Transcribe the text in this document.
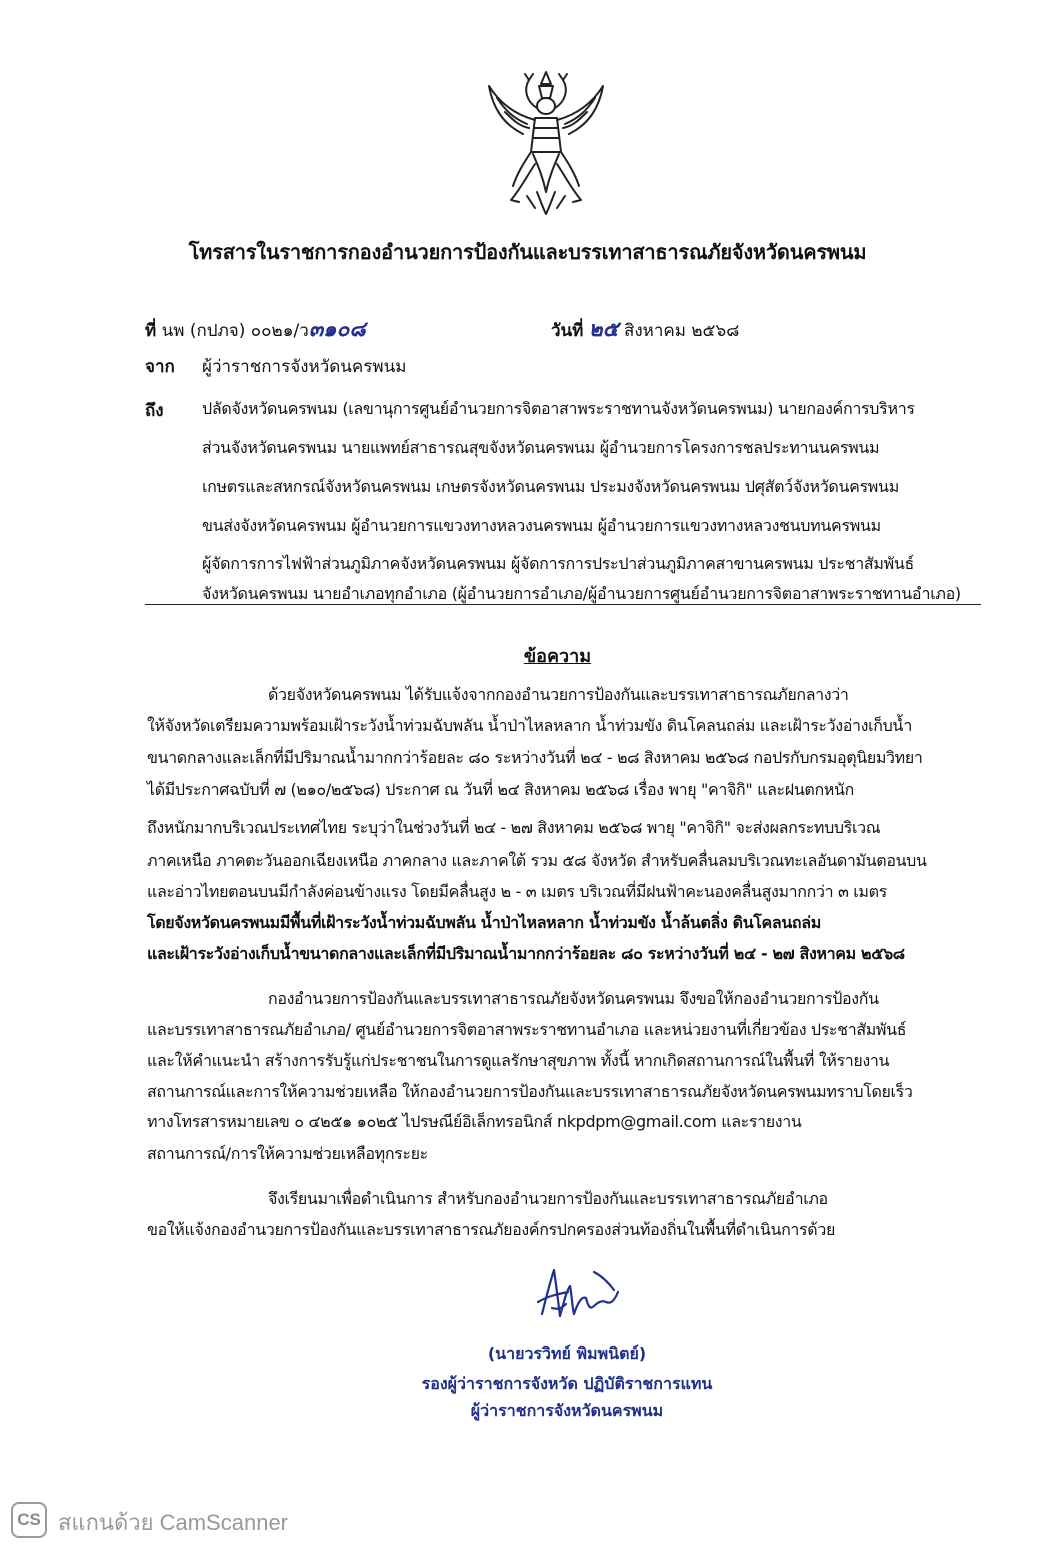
โทรสารในราชการกองอำนวยการป้องกันและบรรเทาสาธารณภัยจังหวัดนครพนม
ที่ นพ (กปภจ) ๐๐๒๑/ว๓๑๐๘	วันที่ ๒๕ สิงหาคม ๒๕๖๘
จาก ผู้ว่าราชการจังหวัดนครพนม
ถึง ปลัดจังหวัดนครพนม (เลขานุการศูนย์อำนวยการจิตอาสาพระราชทานจังหวัดนครพนม) นายกองค์การบริหาร
ส่วนจังหวัดนครพนม นายแพทย์สาธารณสุขจังหวัดนครพนม ผู้อำนวยการโครงการชลประทานนครพนม
เกษตรและสหกรณ์จังหวัดนครพนม เกษตรจังหวัดนครพนม ประมงจังหวัดนครพนม ปศุสัตว์จังหวัดนครพนม
ขนส่งจังหวัดนครพนม ผู้อำนวยการแขวงทางหลวงนครพนม ผู้อำนวยการแขวงทางหลวงชนบทนครพนม
ผู้จัดการการไฟฟ้าส่วนภูมิภาคจังหวัดนครพนม ผู้จัดการการประปาส่วนภูมิภาคสาขานครพนม ประชาสัมพันธ์
จังหวัดนครพนม นายอำเภอทุกอำเภอ (ผู้อำนวยการอำเภอ/ผู้อำนวยการศูนย์อำนวยการจิตอาสาพระราชทานอำเภอ)
ข้อความ
ด้วยจังหวัดนครพนม ได้รับแจ้งจากกองอำนวยการป้องกันและบรรเทาสาธารณภัยกลางว่า
ให้จังหวัดเตรียมความพร้อมเฝ้าระวังน้ำท่วมฉับพลัน น้ำป่าไหลหลาก น้ำท่วมขัง ดินโคลนถล่ม และเฝ้าระวังอ่างเก็บน้ำ
ขนาดกลางและเล็กที่มีปริมาณน้ำมากกว่าร้อยละ ๘๐ ระหว่างวันที่ ๒๔ - ๒๘ สิงหาคม ๒๕๖๘ กอปรกับกรมอุตุนิยมวิทยา
ได้มีประกาศฉบับที่ ๗ (๒๑๐/๒๕๖๘) ประกาศ ณ วันที่ ๒๔ สิงหาคม ๒๕๖๘ เรื่อง พายุ "คาจิกิ" และฝนตกหนัก
ถึงหนักมากบริเวณประเทศไทย ระบุว่าในช่วงวันที่ ๒๔ - ๒๗ สิงหาคม ๒๕๖๘ พายุ "คาจิกิ" จะส่งผลกระทบบริเวณ
ภาคเหนือ ภาคตะวันออกเฉียงเหนือ ภาคกลาง และภาคใต้ รวม ๕๘ จังหวัด สำหรับคลื่นลมบริเวณทะเลอันดามันตอนบน
และอ่าวไทยตอนบนมีกำลังค่อนข้างแรง โดยมีคลื่นสูง ๒ - ๓ เมตร บริเวณที่มีฝนฟ้าคะนองคลื่นสูงมากกว่า ๓ เมตร
โดยจังหวัดนครพนมมีพื้นที่เฝ้าระวังน้ำท่วมฉับพลัน น้ำป่าไหลหลาก น้ำท่วมขัง น้ำล้นตลิ่ง ดินโคลนถล่ม
และเฝ้าระวังอ่างเก็บน้ำขนาดกลางและเล็กที่มีปริมาณน้ำมากกว่าร้อยละ ๘๐ ระหว่างวันที่ ๒๔ - ๒๗ สิงหาคม ๒๕๖๘
กองอำนวยการป้องกันและบรรเทาสาธารณภัยจังหวัดนครพนม จึงขอให้กองอำนวยการป้องกัน
และบรรเทาสาธารณภัยอำเภอ/ ศูนย์อำนวยการจิตอาสาพระราชทานอำเภอ และหน่วยงานที่เกี่ยวข้อง ประชาสัมพันธ์
และให้คำแนะนำ สร้างการรับรู้แก่ประชาชนในการดูแลรักษาสุขภาพ ทั้งนี้ หากเกิดสถานการณ์ในพื้นที่ ให้รายงาน
สถานการณ์และการให้ความช่วยเหลือ ให้กองอำนวยการป้องกันและบรรเทาสาธารณภัยจังหวัดนครพนมทราบโดยเร็ว
ทางโทรสารหมายเลข ๐ ๔๒๕๑ ๑๐๒๕ ไปรษณีย์อิเล็กทรอนิกส์ nkpdpm@gmail.com และรายงาน
สถานการณ์/การให้ความช่วยเหลือทุกระยะ
จึงเรียนมาเพื่อดำเนินการ สำหรับกองอำนวยการป้องกันและบรรเทาสาธารณภัยอำเภอ
ขอให้แจ้งกองอำนวยการป้องกันและบรรเทาสาธารณภัยองค์กรปกครองส่วนท้องถิ่นในพื้นที่ดำเนินการด้วย
(นายวรวิทย์ พิมพนิตย์)
รองผู้ว่าราชการจังหวัด ปฏิบัติราชการแทน
ผู้ว่าราชการจังหวัดนครพนม
CS สแกนด้วย CamScanner
